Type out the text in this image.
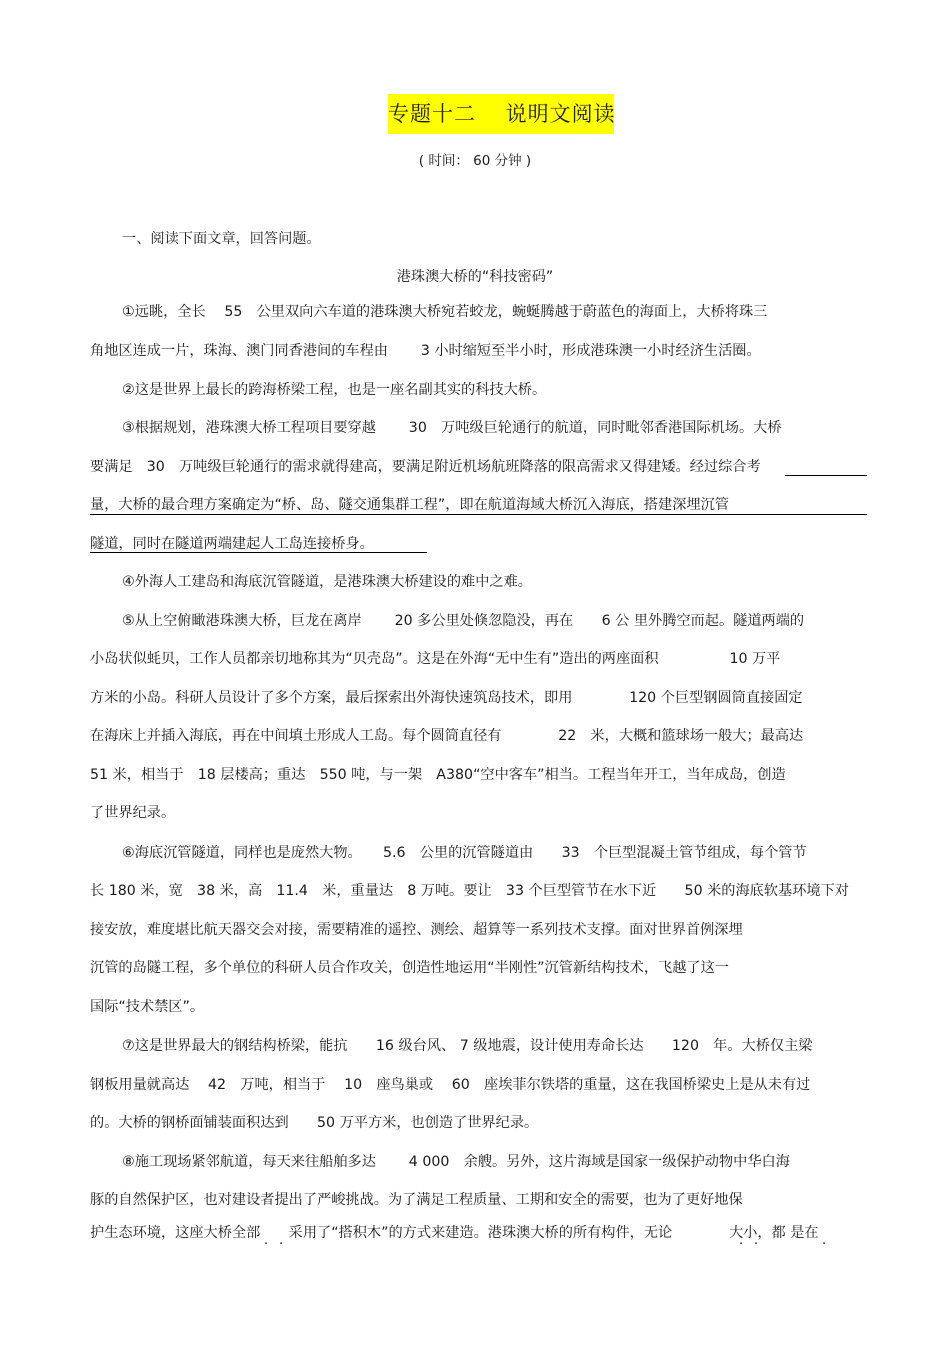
专题十二　 说明文阅读
( 时间： 60 分钟 )
一、阅读下面文章，回答问题。
港珠澳大桥的“科技密码”
①远眺，全长　 55　公里双向六车道的港珠澳大桥宛若蛟龙，蜿蜒腾越于蔚蓝色的海面上，大桥将珠三
角地区连成一片，珠海、澳门同香港间的车程由　　 3 小时缩短至半小时，形成港珠澳一小时经济生活圈。
②这是世界上最长的跨海桥梁工程，也是一座名副其实的科技大桥。
③根据规划，港珠澳大桥工程项目要穿越　　 30　万吨级巨轮通行的航道，同时毗邻香港国际机场。大桥
要满足　30　万吨级巨轮通行的需求就得建高，要满足附近机场航班降落的限高需求又得建矮。经过综合考
量，大桥的最合理方案确定为“桥、岛、隧交通集群工程”，即在航道海域大桥沉入海底，搭建深埋沉管
隧道，同时在隧道两端建起人工岛连接桥身。
④外海人工建岛和海底沉管隧道，是港珠澳大桥建设的难中之难。
⑤从上空俯瞰港珠澳大桥，巨龙在离岸　　 20 多公里处倏忽隐没，再在　　6 公 里外腾空而起。隧道两端的
小岛状似蚝贝，工作人员都亲切地称其为“贝壳岛”。这是在外海“无中生有”造出的两座面积　　　　　10 万平
方米的小岛。科研人员设计了多个方案，最后探索出外海快速筑岛技术，即用　　　　120 个巨型钢圆筒直接固定
在海床上并插入海底，再在中间填土形成人工岛。每个圆筒直径有　　　　22　米，大概和篮球场一般大；最高达
51 米，相当于　18 层楼高；重达　550 吨，与一架　A380“空中客车”相当。工程当年开工，当年成岛，创造
了世界纪录。
⑥海底沉管隧道，同样也是庞然大物。　　5.6　公里的沉管隧道由　　33　个巨型混凝土管节组成，每个管节
长 180 米，宽　38 米，高　11.4　米，重量达　8 万吨。要让　33 个巨型管节在水下近　　50 米的海底软基环境下对
接安放，难度堪比航天器交会对接，需要精准的遥控、测绘、超算等一系列技术支撑。面对世界首例深埋
沉管的岛隧工程，多个单位的科研人员合作攻关，创造性地运用“半刚性”沉管新结构技术，飞越了这一
国际“技术禁区”。
⑦这是世界最大的钢结构桥梁，能抗　　16 级台风、 7 级地震，设计使用寿命长达　　120　年。大桥仅主梁
钢板用量就高达　 42　万吨，相当于　 10　座鸟巢或　 60　座埃菲尔铁塔的重量，这在我国桥梁史上是从未有过
的。大桥的钢桥面铺装面积达到　　50 万平方米，也创造了世界纪录。
⑧施工现场紧邻航道，每天来往船舶多达　　 4 000　余艘。另外，这片海域是国家一级保护动物中华白海
豚的自然保护区，也对建设者提出了严峻挑战。为了满足工程质量、工期和安全的需要，也为了更好地保
护生态环境，这座大桥全部　　采用了“搭积木”的方式来建造。港珠澳大桥的所有构件，无论　　　　大小，都 是在
· ·	· ·	·
